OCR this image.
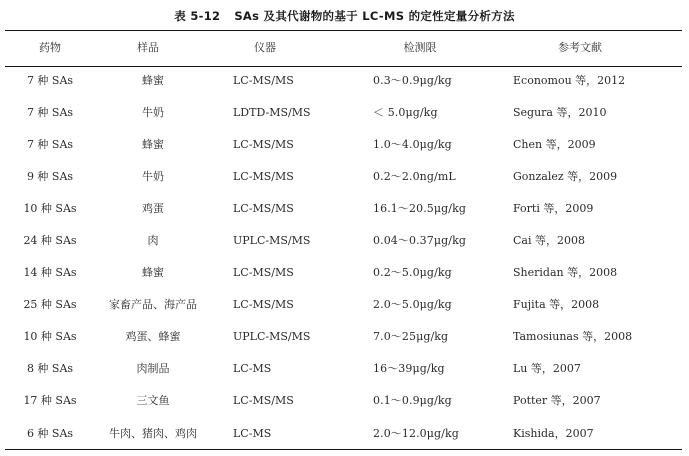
表 5-12 SAs 及其代谢物的基于 LC-MS 的定性定量分析方法
药物	样品	仪器	检测限	参考文献
7 种 SAs	蜂蜜	LC-MS/MS	0.3～0.9μg/kg	Economou 等，2012
7 种 SAs	牛奶	LDTD-MS/MS	＜ 5.0μg/kg	Segura 等，2010
7 种 SAs	蜂蜜	LC-MS/MS	1.0～4.0μg/kg	Chen 等，2009
9 种 SAs	牛奶	LC-MS/MS	0.2～2.0ng/mL	Gonzalez 等，2009
10 种 SAs	鸡蛋	LC-MS/MS	16.1～20.5μg/kg	Forti 等，2009
24 种 SAs	肉	UPLC-MS/MS	0.04～0.37μg/kg	Cai 等，2008
14 种 SAs	蜂蜜	LC-MS/MS	0.2～5.0μg/kg	Sheridan 等，2008
25 种 SAs	家畜产品、海产品	LC-MS/MS	2.0～5.0μg/kg	Fujita 等，2008
10 种 SAs	鸡蛋、蜂蜜	UPLC-MS/MS	7.0～25μg/kg	Tamosiunas 等，2008
8 种 SAs	肉制品	LC-MS	16～39μg/kg	Lu 等，2007
17 种 SAs	三文鱼	LC-MS/MS	0.1～0.9μg/kg	Potter 等，2007
6 种 SAs	牛肉、猪肉、鸡肉	LC-MS	2.0～12.0μg/kg	Kishida，2007
